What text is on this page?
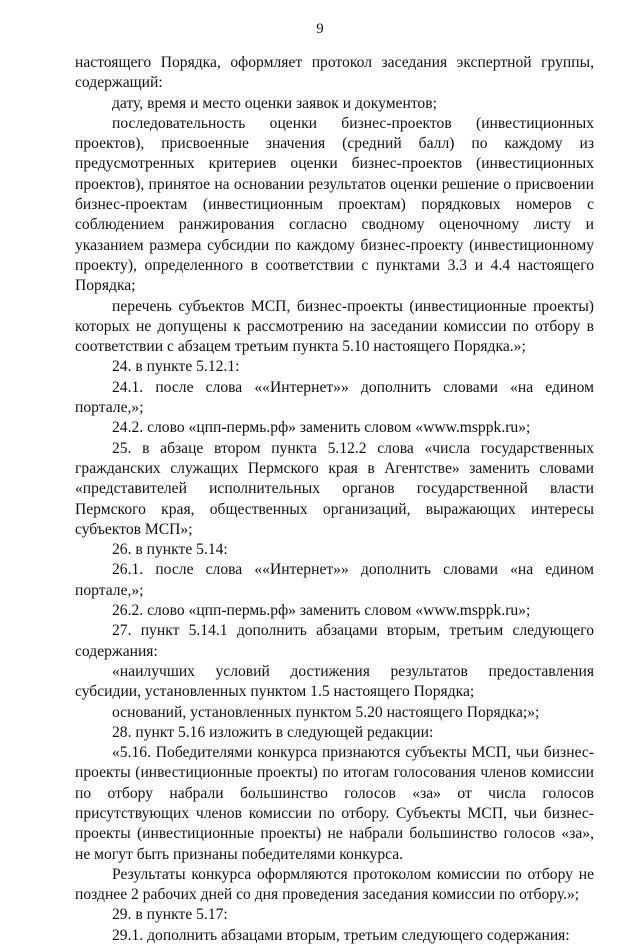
9

настоящего Порядка, оформляет протокол заседания экспертной группы, содержащий:

дату, время и место оценки заявок и документов;

последовательность оценки бизнес-проектов (инвестиционных проектов), присвоенные значения (средний балл) по каждому из предусмотренных критериев оценки бизнес-проектов (инвестиционных проектов), принятое на основании результатов оценки решение о присвоении бизнес-проектам (инвестиционным проектам) порядковых номеров с соблюдением ранжирования согласно сводному оценочному листу и указанием размера субсидии по каждому бизнес-проекту (инвестиционному проекту), определенного в соответствии с пунктами 3.3 и 4.4 настоящего Порядка;

перечень субъектов МСП, бизнес-проекты (инвестиционные проекты) которых не допущены к рассмотрению на заседании комиссии по отбору в соответствии с абзацем третьим пункта 5.10 настоящего Порядка.»;

24. в пункте 5.12.1:

24.1. после слова ««Интернет»» дополнить словами «на едином портале,»;

24.2. слово «цпп-пермь.рф» заменить словом «www.msppk.ru»;

25. в абзаце втором пункта 5.12.2 слова «числа государственных гражданских служащих Пермского края в Агентстве» заменить словами «представителей исполнительных органов государственной власти Пермского края, общественных организаций, выражающих интересы субъектов МСП»;

26. в пункте 5.14:

26.1. после слова ««Интернет»» дополнить словами «на едином портале,»;

26.2. слово «цпп-пермь.рф» заменить словом «www.msppk.ru»;

27. пункт 5.14.1 дополнить абзацами вторым, третьим следующего содержания:

«наилучших условий достижения результатов предоставления субсидии, установленных пунктом 1.5 настоящего Порядка;

оснований, установленных пунктом 5.20 настоящего Порядка;»;

28. пункт 5.16 изложить в следующей редакции:

«5.16. Победителями конкурса признаются субъекты МСП, чьи бизнес-проекты (инвестиционные проекты) по итогам голосования членов комиссии по отбору набрали большинство голосов «за» от числа голосов присутствующих членов комиссии по отбору. Субъекты МСП, чьи бизнес-проекты (инвестиционные проекты) не набрали большинство голосов «за», не могут быть признаны победителями конкурса.

Результаты конкурса оформляются протоколом комиссии по отбору не позднее 2 рабочих дней со дня проведения заседания комиссии по отбору.»;

29. в пункте 5.17:

29.1. дополнить абзацами вторым, третьим следующего содержания:
